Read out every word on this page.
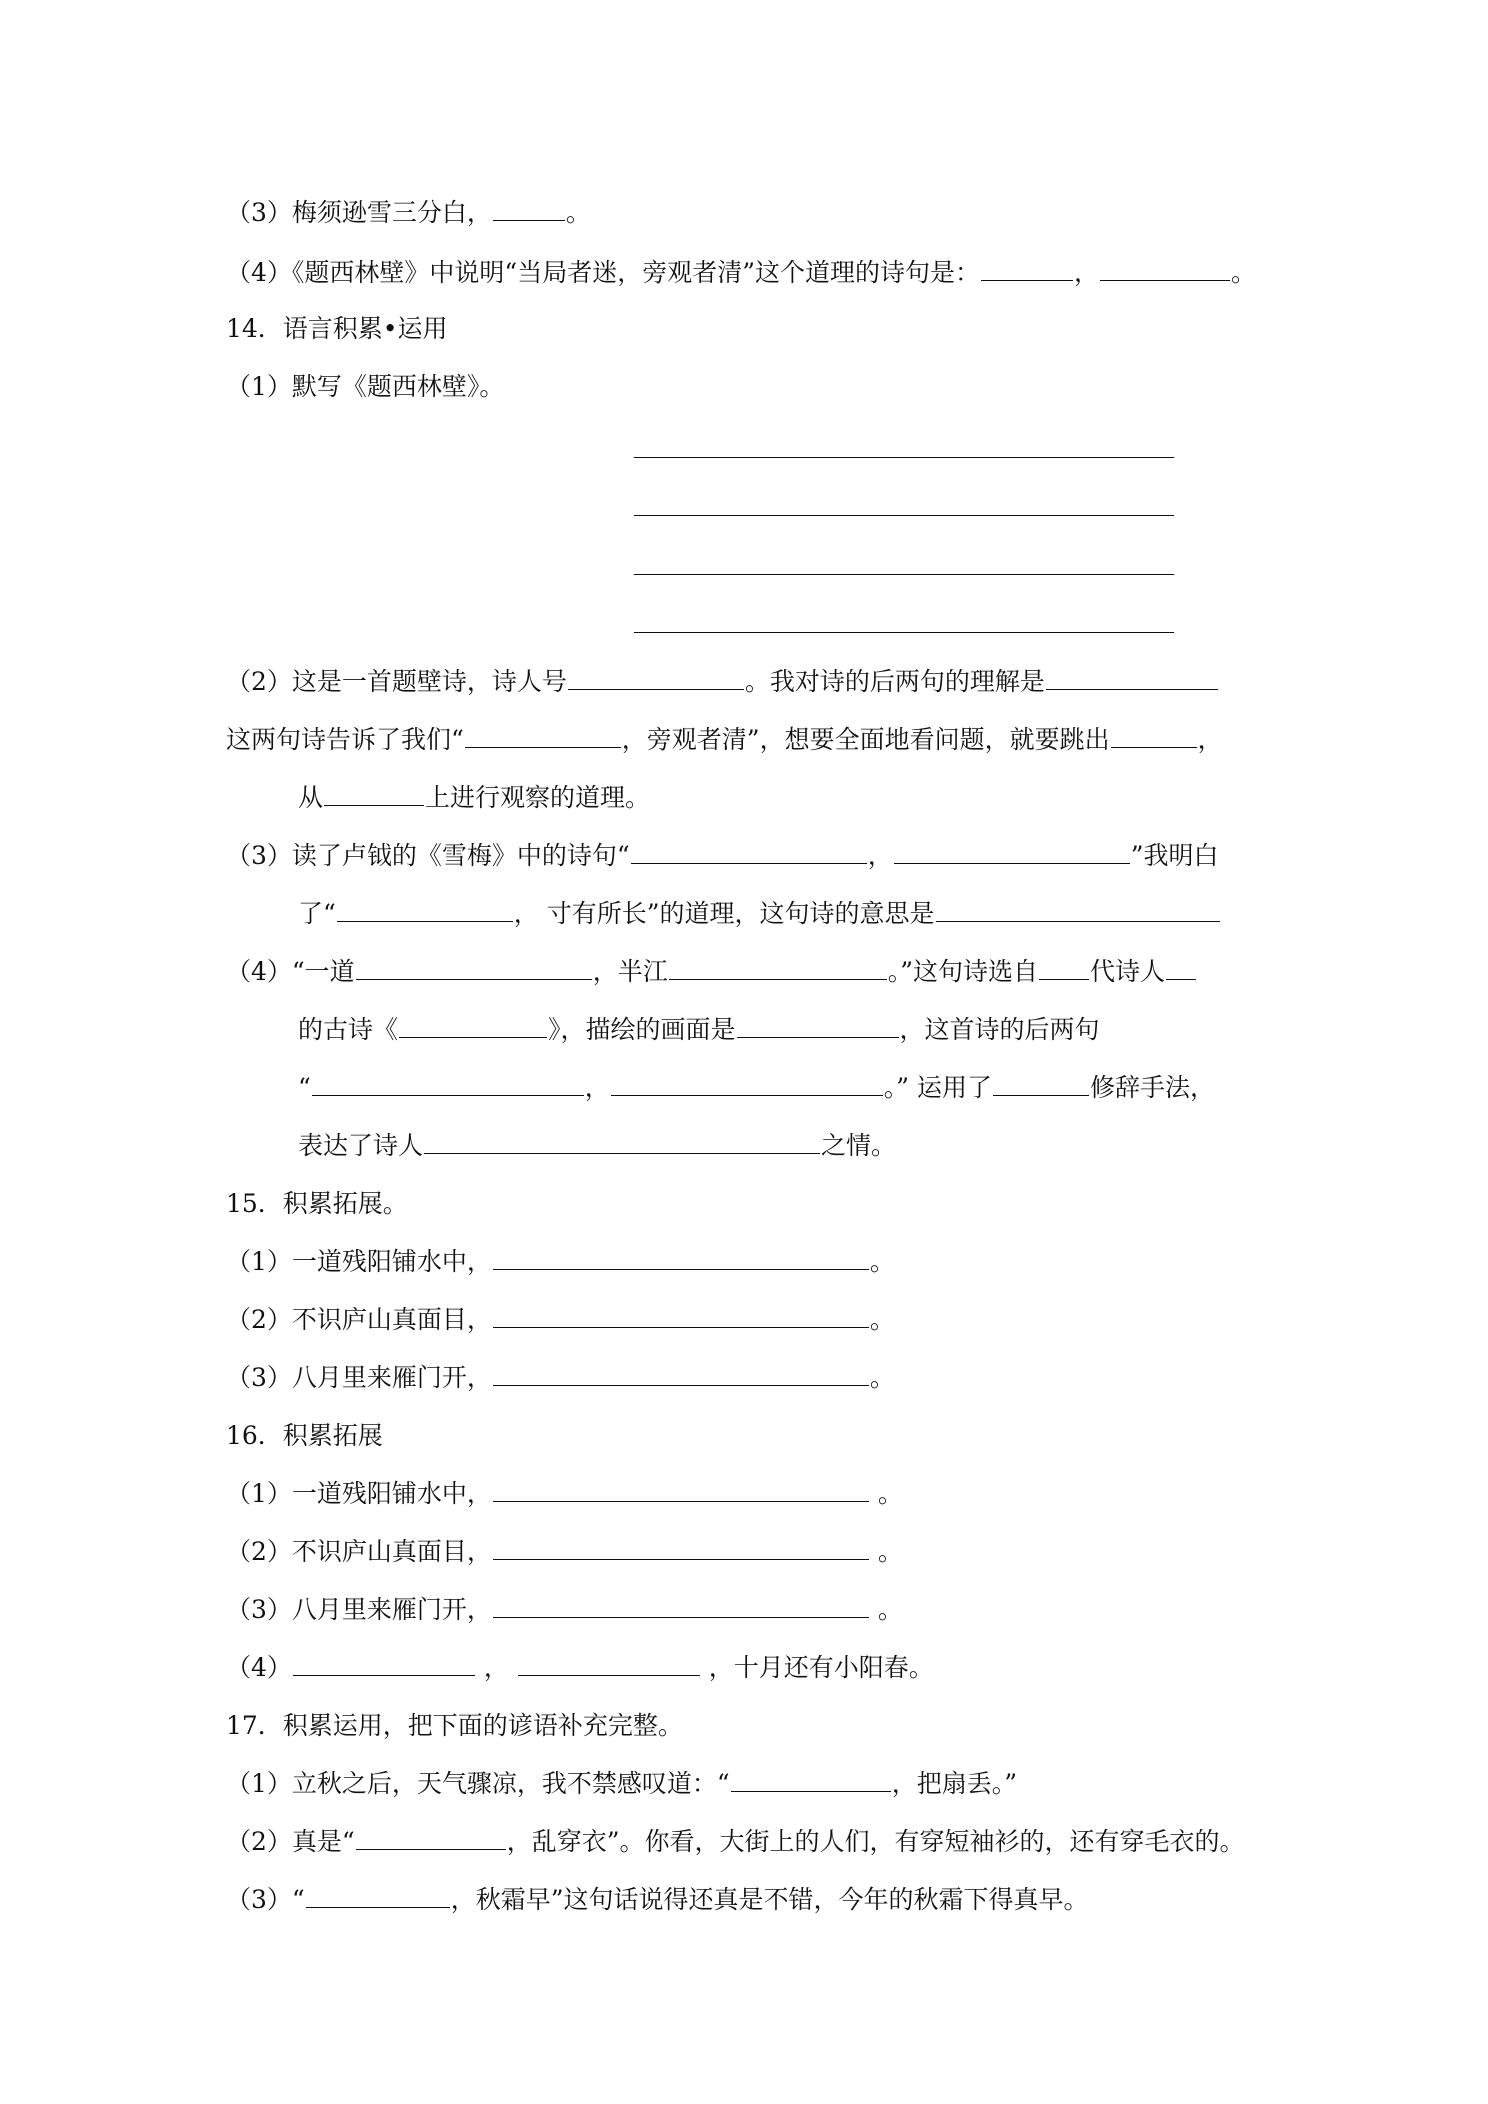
（3）梅须逊雪三分白，	。
（4）《题西林壁》中说明“当局者迷，旁观者清”这个道理的诗句是：	，	。
14．语言积累•运用
（1）默写《题西林壁》。
（2）这是一首题壁诗，诗人号	。我对诗的后两句的理解是
这两句诗告诉了我们“	，旁观者清”，想要全面地看问题，就要跳出	，
从	上进行观察的道理。
（3）读了卢钺的《雪梅》中的诗句“	，	”我明白
了“	， 寸有所长”的道理，这句诗的意思是
（4）“一道	，半江	。”这句诗选自 代诗人
的古诗《	》，描绘的画面是	，这首诗的后两句
“	，	。” 运用了	修辞手法，
表达了诗人	之情。
15．积累拓展。
（1）一道残阳铺水中，	。
（2）不识庐山真面目，	。
（3）八月里来雁门开，	。
16．积累拓展
（1）一道残阳铺水中，	。
（2）不识庐山真面目，	。
（3）八月里来雁门开，	。
（4）	，	，十月还有小阳春。
17．积累运用，把下面的谚语补充完整。
（1）立秋之后，天气骤凉，我不禁感叹道：“	，把扇丢。”
（2）真是“	，乱穿衣”。你看，大街上的人们，有穿短袖衫的，还有穿毛衣的。
（3）“	，秋霜早”这句话说得还真是不错，今年的秋霜下得真早。
